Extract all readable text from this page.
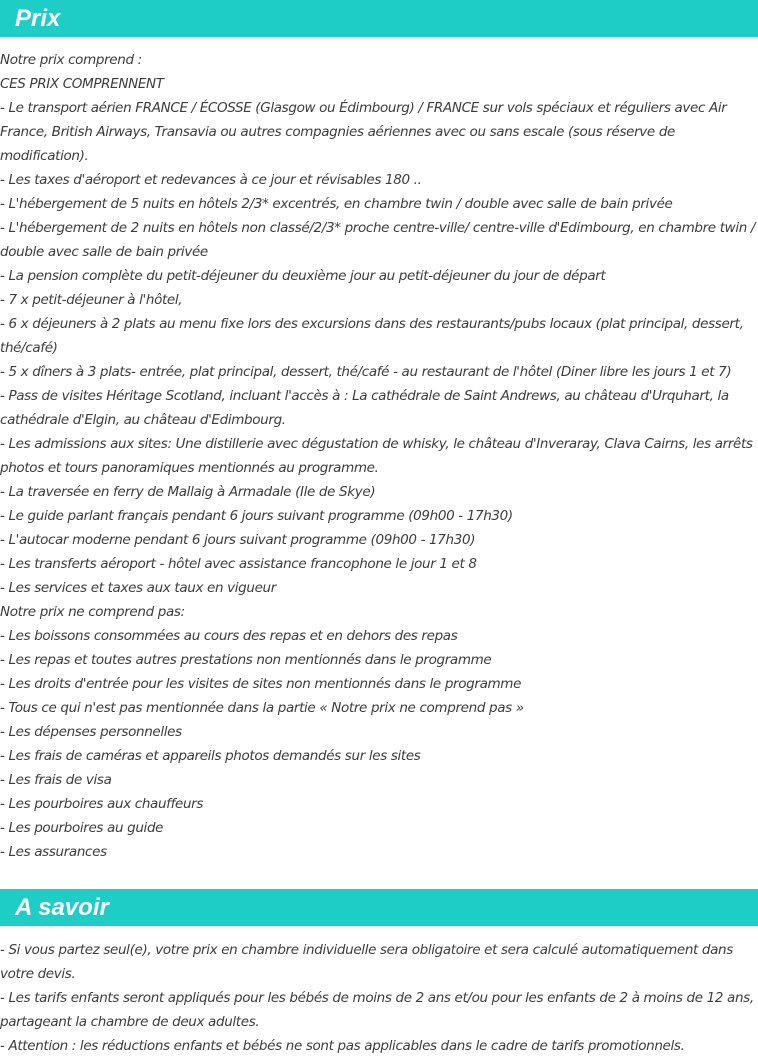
Prix

Notre prix comprend :

CES PRIX COMPRENNENT

- Le transport aérien FRANCE / ÉCOSSE (Glasgow ou Édimbourg) / FRANCE sur vols spéciaux et réguliers avec Air France, British Airways, Transavia ou autres compagnies aériennes avec ou sans escale (sous réserve de modification).

- Les taxes d'aéroport et redevances à ce jour et révisables 180 ..

- L'hébergement de 5 nuits en hôtels 2/3* excentrés, en chambre twin / double avec salle de bain privée

- L'hébergement de 2 nuits en hôtels non classé/2/3* proche centre-ville/ centre-ville d'Edimbourg, en chambre twin / double avec salle de bain privée

- La pension complète du petit-déjeuner du deuxième jour au petit-déjeuner du jour de départ

- 7 x petit-déjeuner à l'hôtel,

- 6 x déjeuners à 2 plats au menu fixe lors des excursions dans des restaurants/pubs locaux (plat principal, dessert, thé/café)

- 5 x dîners à 3 plats- entrée, plat principal, dessert, thé/café - au restaurant de l'hôtel (Diner libre les jours 1 et 7)

- Pass de visites Héritage Scotland, incluant l'accès à : La cathédrale de Saint Andrews, au château d'Urquhart, la cathédrale d'Elgin, au château d'Edimbourg.

- Les admissions aux sites: Une distillerie avec dégustation de whisky, le château d'Inveraray, Clava Cairns, les arrêts photos et tours panoramiques mentionnés au programme.

- La traversée en ferry de Mallaig à Armadale (Ile de Skye)

- Le guide parlant français pendant 6 jours suivant programme (09h00 - 17h30)

- L'autocar moderne pendant 6 jours suivant programme (09h00 - 17h30)

- Les transferts aéroport - hôtel avec assistance francophone le jour 1 et 8

- Les services et taxes aux taux en vigueur

Notre prix ne comprend pas:

- Les boissons consommées au cours des repas et en dehors des repas

- Les repas et toutes autres prestations non mentionnés dans le programme

- Les droits d'entrée pour les visites de sites non mentionnés dans le programme

- Tous ce qui n'est pas mentionnée dans la partie « Notre prix ne comprend pas »

- Les dépenses personnelles

- Les frais de caméras et appareils photos demandés sur les sites

- Les frais de visa

- Les pourboires aux chauffeurs

- Les pourboires au guide

- Les assurances

A savoir

- Si vous partez seul(e), votre prix en chambre individuelle sera obligatoire et sera calculé automatiquement dans votre devis.

- Les tarifs enfants seront appliqués pour les bébés de moins de 2 ans et/ou pour les enfants de 2 à moins de 12 ans, partageant la chambre de deux adultes.

- Attention : les réductions enfants et bébés ne sont pas applicables dans le cadre de tarifs promotionnels.
